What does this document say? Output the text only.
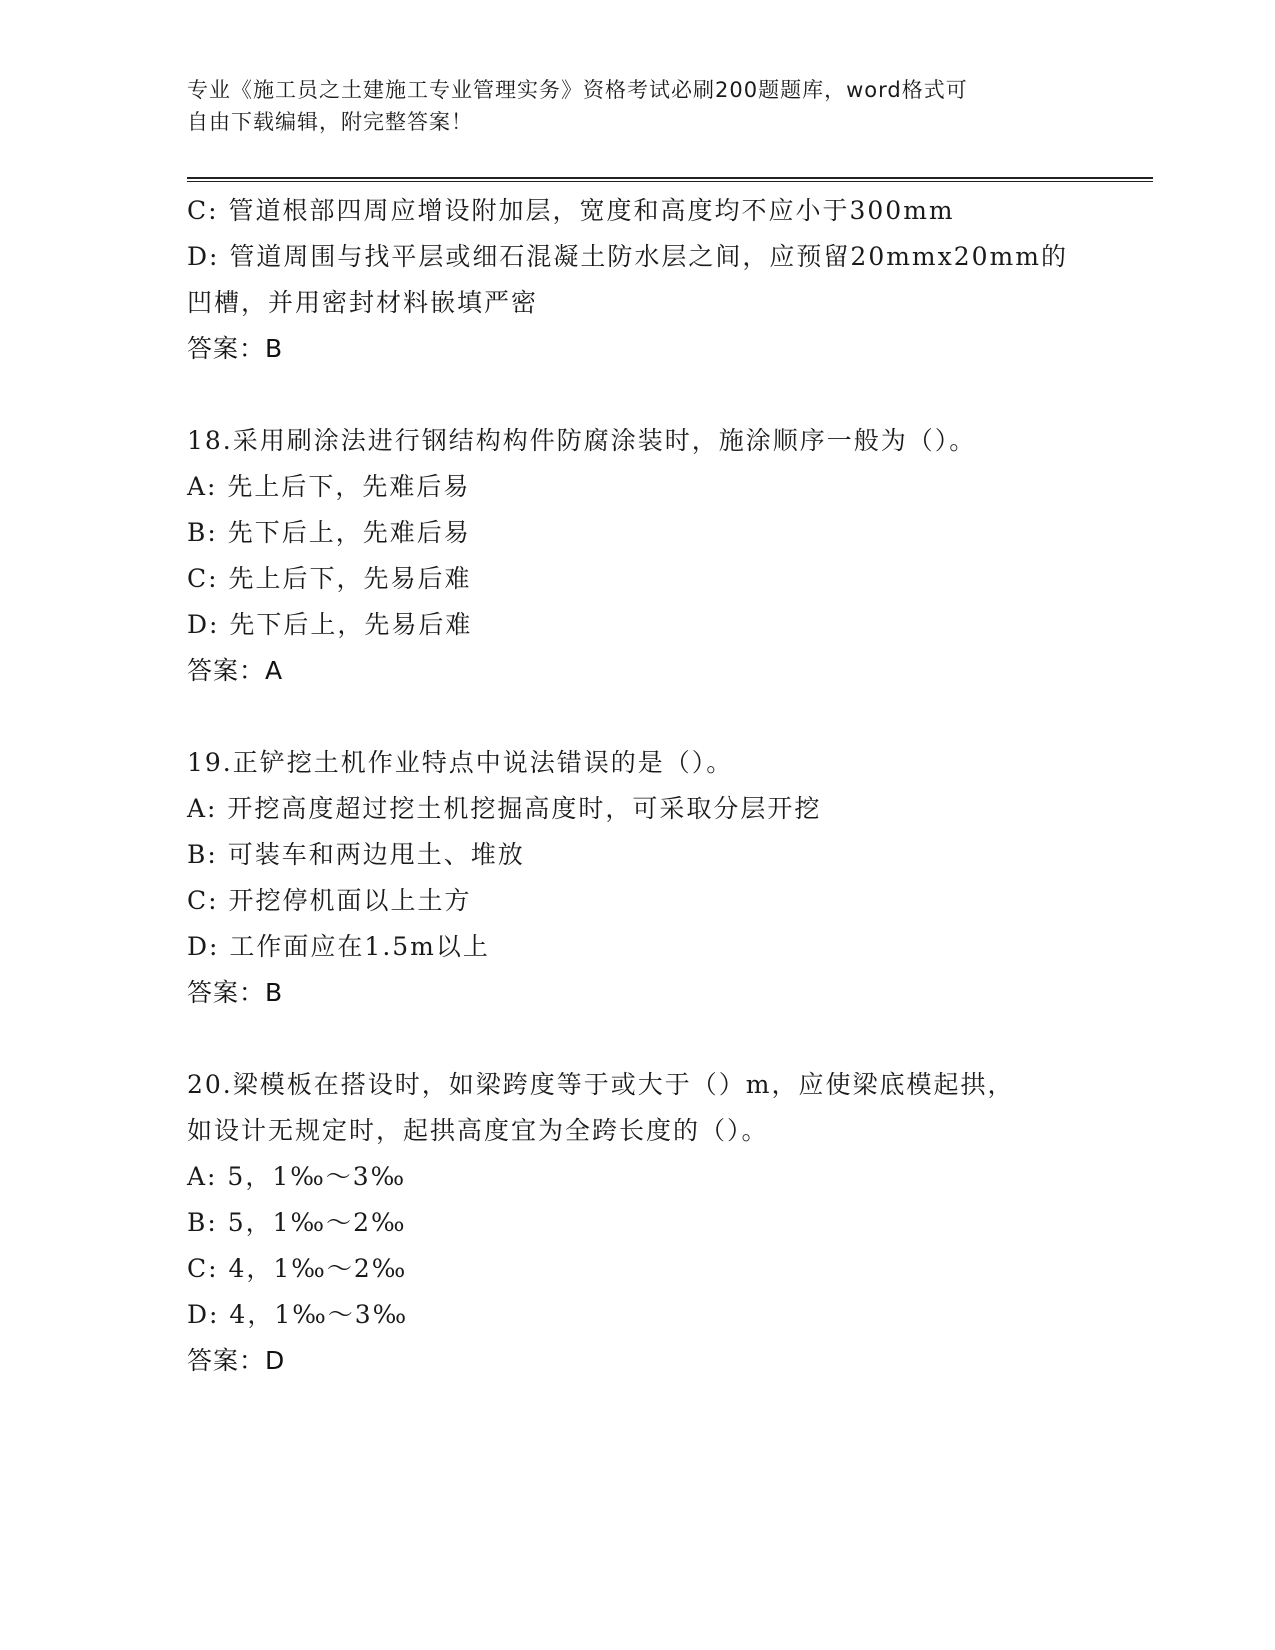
专业《施工员之土建施工专业管理实务》资格考试必刷200题题库，word格式可
自由下载编辑，附完整答案！
C: 管道根部四周应增设附加层，宽度和高度均不应小于300mm
D: 管道周围与找平层或细石混凝土防水层之间，应预留20mmx20mm的
凹槽，并用密封材料嵌填严密
答案：B
18.采用刷涂法进行钢结构构件防腐涂装时，施涂顺序一般为（）。
A: 先上后下，先难后易
B: 先下后上，先难后易
C: 先上后下，先易后难
D: 先下后上，先易后难
答案：A
19.正铲挖土机作业特点中说法错误的是（）。
A: 开挖高度超过挖土机挖掘高度时，可采取分层开挖
B: 可装车和两边甩土、堆放
C: 开挖停机面以上土方
D: 工作面应在1.5m以上
答案：B
20.梁模板在搭设时，如梁跨度等于或大于（）m，应使梁底模起拱，
如设计无规定时，起拱高度宜为全跨长度的（）。
A: 5，1‰～3‰
B: 5，1‰～2‰
C: 4，1‰～2‰
D: 4，1‰～3‰
答案：D
